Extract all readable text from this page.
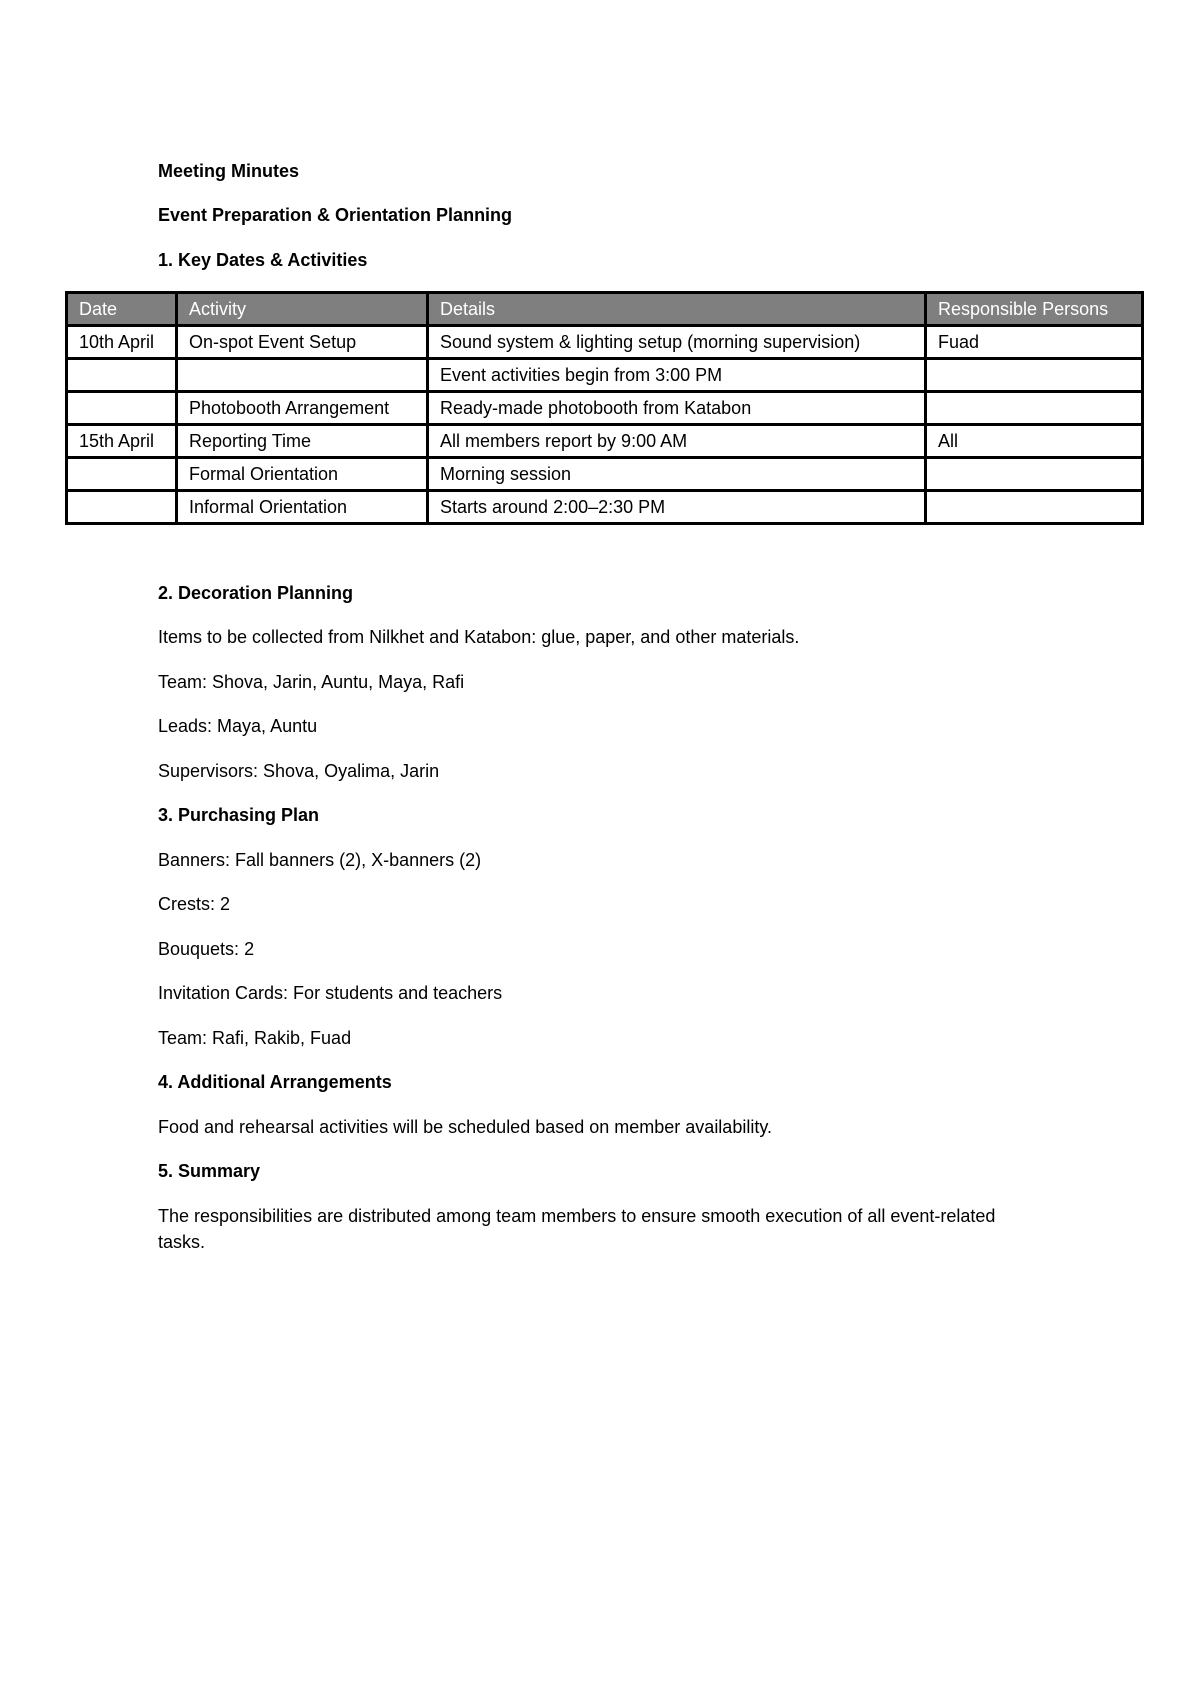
Meeting Minutes
Event Preparation & Orientation Planning
1. Key Dates & Activities
Date	Activity	Details	Responsible Persons
10th April	On-spot Event Setup	Sound system & lighting setup (morning supervision)	Fuad
		Event activities begin from 3:00 PM	
	Photobooth Arrangement	Ready-made photobooth from Katabon	
15th April	Reporting Time	All members report by 9:00 AM	All
	Formal Orientation	Morning session	
	Informal Orientation	Starts around 2:00–2:30 PM	
2. Decoration Planning
Items to be collected from Nilkhet and Katabon: glue, paper, and other materials.
Team: Shova, Jarin, Auntu, Maya, Rafi
Leads: Maya, Auntu
Supervisors: Shova, Oyalima, Jarin
3. Purchasing Plan
Banners: Fall banners (2), X-banners (2)
Crests: 2
Bouquets: 2
Invitation Cards: For students and teachers
Team: Rafi, Rakib, Fuad
4. Additional Arrangements
Food and rehearsal activities will be scheduled based on member availability.
5. Summary
The responsibilities are distributed among team members to ensure smooth execution of all event-related tasks.
